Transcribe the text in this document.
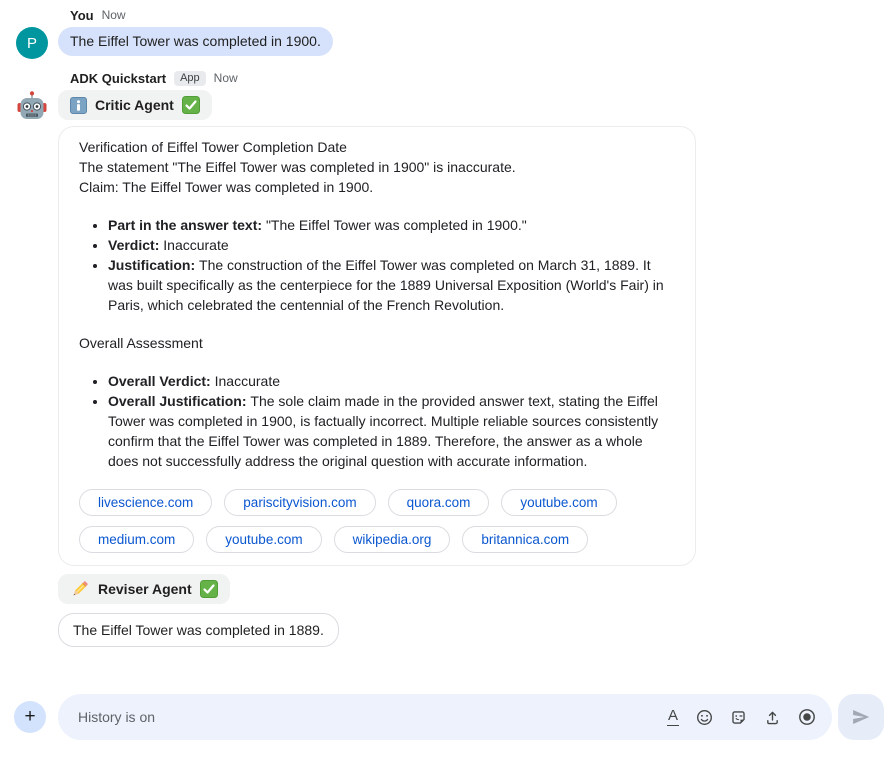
You Now
P	The Eiffel Tower was completed in 1900.
ADK Quickstart	App	Now
Critic Agent
Verification of Eiffel Tower Completion Date
The statement "The Eiffel Tower was completed in 1900" is inaccurate.
Claim: The Eiffel Tower was completed in 1900.
• Part in the answer text: "The Eiffel Tower was completed in 1900."
• Verdict: Inaccurate
• Justification: The construction of the Eiffel Tower was completed on March 31, 1889. It was built specifically as the centerpiece for the 1889 Universal Exposition (World's Fair) in Paris, which celebrated the centennial of the French Revolution.
Overall Assessment
• Overall Verdict: Inaccurate
• Overall Justification: The sole claim made in the provided answer text, stating the Eiffel Tower was completed in 1900, is factually incorrect. Multiple reliable sources consistently confirm that the Eiffel Tower was completed in 1889. Therefore, the answer as a whole does not successfully address the original question with accurate information.
livescience.com	pariscityvision.com	quora.com	youtube.com
medium.com	youtube.com	wikipedia.org	britannica.com
Reviser Agent
The Eiffel Tower was completed in 1889.
+	History is on	A
